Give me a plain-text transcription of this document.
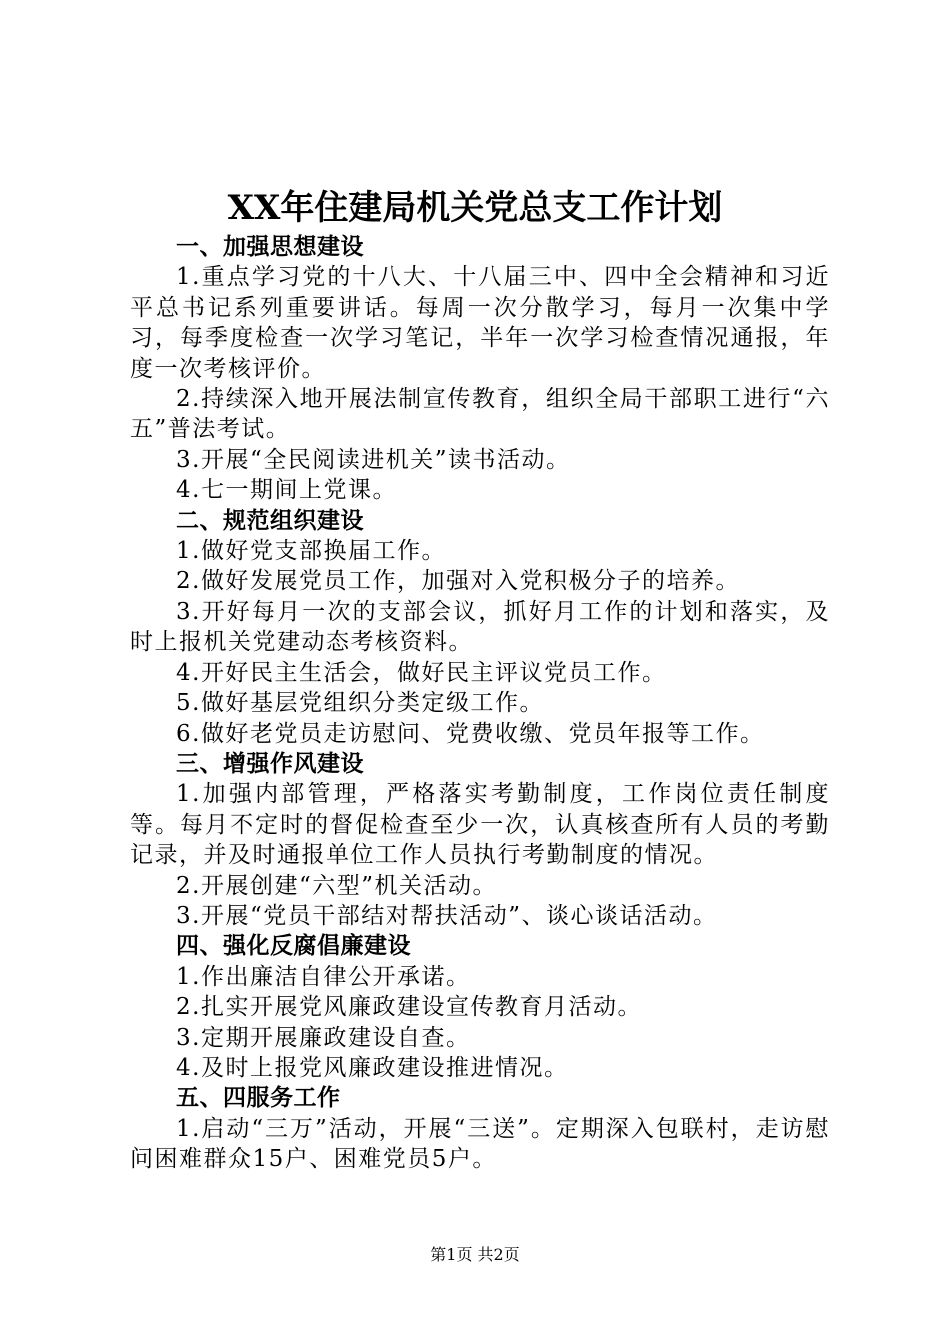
XX年住建局机关党总支工作计划

一、加强思想建设

1.重点学习党的十八大、十八届三中、四中全会精神和习近平总书记系列重要讲话。每周一次分散学习，每月一次集中学习，每季度检查一次学习笔记，半年一次学习检查情况通报，年度一次考核评价。

2.持续深入地开展法制宣传教育，组织全局干部职工进行“六五”普法考试。

3.开展“全民阅读进机关”读书活动。

4.七一期间上党课。

二、规范组织建设

1.做好党支部换届工作。

2.做好发展党员工作，加强对入党积极分子的培养。

3.开好每月一次的支部会议，抓好月工作的计划和落实，及时上报机关党建动态考核资料。

4.开好民主生活会，做好民主评议党员工作。

5.做好基层党组织分类定级工作。

6.做好老党员走访慰问、党费收缴、党员年报等工作。

三、增强作风建设

1.加强内部管理，严格落实考勤制度，工作岗位责任制度等。每月不定时的督促检查至少一次，认真核查所有人员的考勤记录，并及时通报单位工作人员执行考勤制度的情况。

2.开展创建“六型”机关活动。

3.开展“党员干部结对帮扶活动”、谈心谈话活动。

四、强化反腐倡廉建设

1.作出廉洁自律公开承诺。

2.扎实开展党风廉政建设宣传教育月活动。

3.定期开展廉政建设自查。

4.及时上报党风廉政建设推进情况。

五、四服务工作

1.启动“三万”活动，开展“三送”。定期深入包联村，走访慰问困难群众15户、困难党员5户。

第1页 共2页
